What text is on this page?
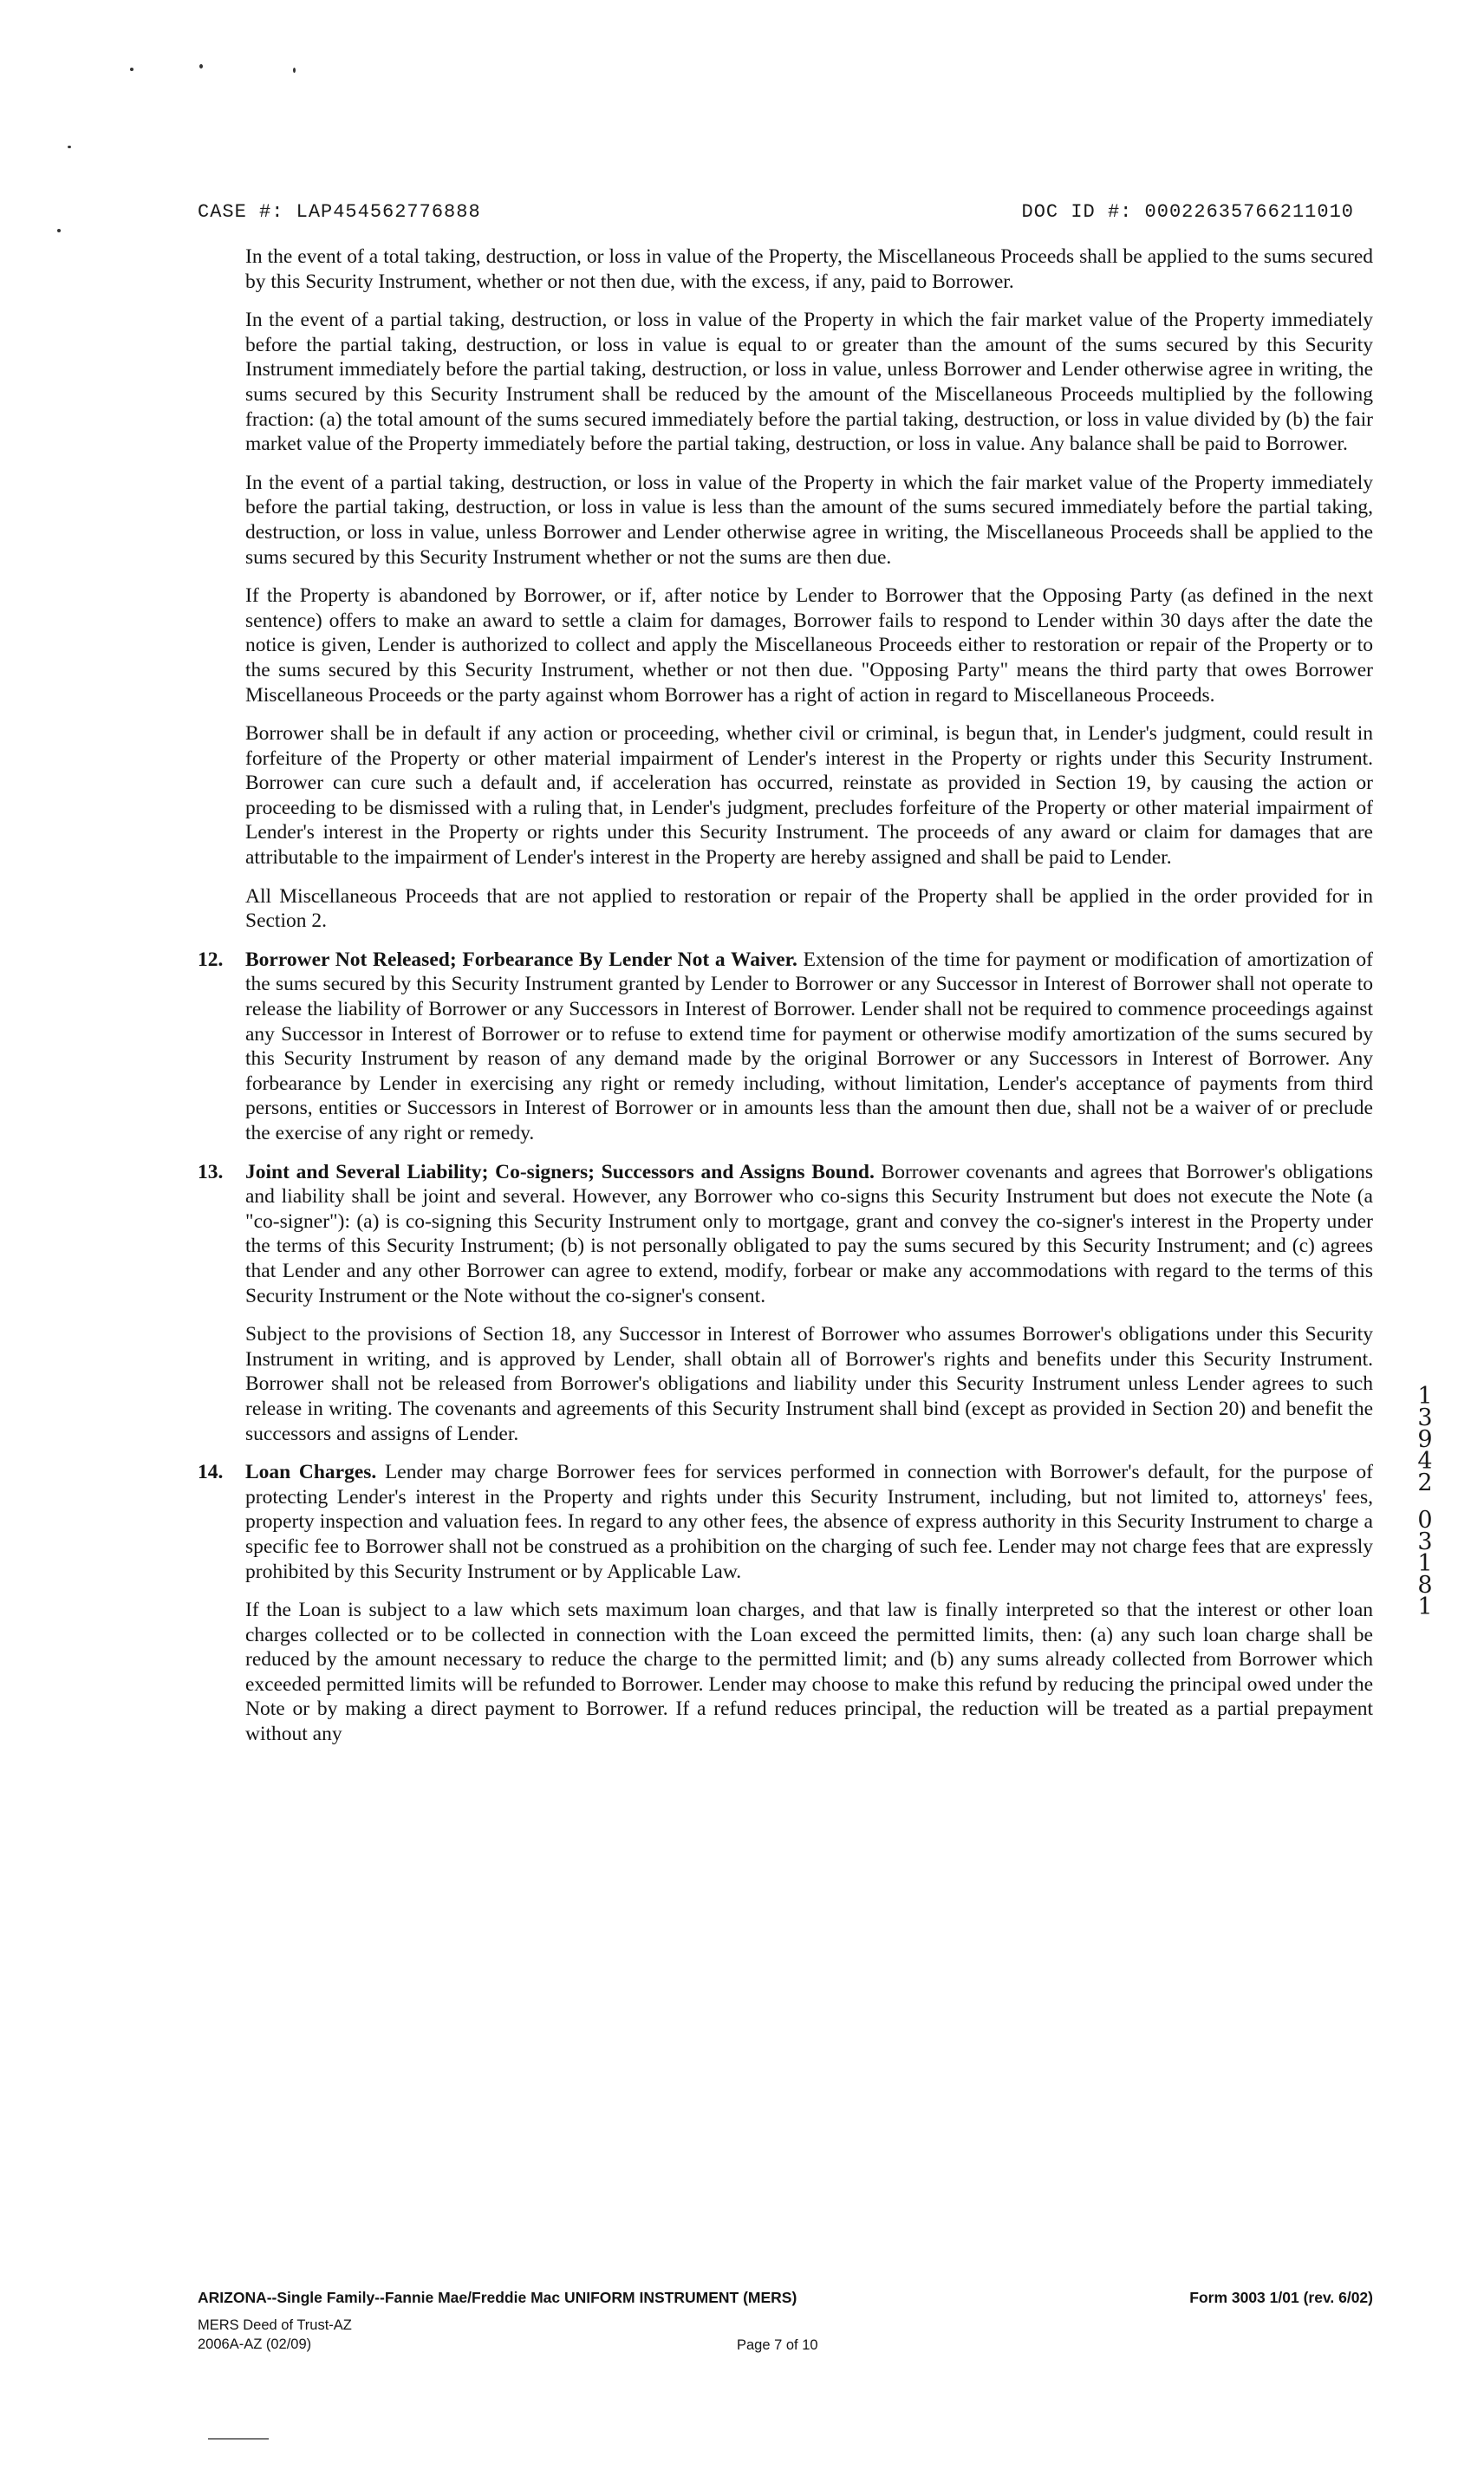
CASE #: LAP454562776888	DOC ID #: 00022635766211010

In the event of a total taking, destruction, or loss in value of the Property, the Miscellaneous Proceeds shall be applied to the sums secured by this Security Instrument, whether or not then due, with the excess, if any, paid to Borrower.

In the event of a partial taking, destruction, or loss in value of the Property in which the fair market value of the Property immediately before the partial taking, destruction, or loss in value is equal to or greater than the amount of the sums secured by this Security Instrument immediately before the partial taking, destruction, or loss in value, unless Borrower and Lender otherwise agree in writing, the sums secured by this Security Instrument shall be reduced by the amount of the Miscellaneous Proceeds multiplied by the following fraction: (a) the total amount of the sums secured immediately before the partial taking, destruction, or loss in value divided by (b) the fair market value of the Property immediately before the partial taking, destruction, or loss in value. Any balance shall be paid to Borrower.

In the event of a partial taking, destruction, or loss in value of the Property in which the fair market value of the Property immediately before the partial taking, destruction, or loss in value is less than the amount of the sums secured immediately before the partial taking, destruction, or loss in value, unless Borrower and Lender otherwise agree in writing, the Miscellaneous Proceeds shall be applied to the sums secured by this Security Instrument whether or not the sums are then due.

If the Property is abandoned by Borrower, or if, after notice by Lender to Borrower that the Opposing Party (as defined in the next sentence) offers to make an award to settle a claim for damages, Borrower fails to respond to Lender within 30 days after the date the notice is given, Lender is authorized to collect and apply the Miscellaneous Proceeds either to restoration or repair of the Property or to the sums secured by this Security Instrument, whether or not then due. "Opposing Party" means the third party that owes Borrower Miscellaneous Proceeds or the party against whom Borrower has a right of action in regard to Miscellaneous Proceeds.

Borrower shall be in default if any action or proceeding, whether civil or criminal, is begun that, in Lender's judgment, could result in forfeiture of the Property or other material impairment of Lender's interest in the Property or rights under this Security Instrument. Borrower can cure such a default and, if acceleration has occurred, reinstate as provided in Section 19, by causing the action or proceeding to be dismissed with a ruling that, in Lender's judgment, precludes forfeiture of the Property or other material impairment of Lender's interest in the Property or rights under this Security Instrument. The proceeds of any award or claim for damages that are attributable to the impairment of Lender's interest in the Property are hereby assigned and shall be paid to Lender.

All Miscellaneous Proceeds that are not applied to restoration or repair of the Property shall be applied in the order provided for in Section 2.

12.	Borrower Not Released; Forbearance By Lender Not a Waiver. Extension of the time for payment or modification of amortization of the sums secured by this Security Instrument granted by Lender to Borrower or any Successor in Interest of Borrower shall not operate to release the liability of Borrower or any Successors in Interest of Borrower. Lender shall not be required to commence proceedings against any Successor in Interest of Borrower or to refuse to extend time for payment or otherwise modify amortization of the sums secured by this Security Instrument by reason of any demand made by the original Borrower or any Successors in Interest of Borrower. Any forbearance by Lender in exercising any right or remedy including, without limitation, Lender's acceptance of payments from third persons, entities or Successors in Interest of Borrower or in amounts less than the amount then due, shall not be a waiver of or preclude the exercise of any right or remedy.
13.	Joint and Several Liability; Co-signers; Successors and Assigns Bound. Borrower covenants and agrees that Borrower's obligations and liability shall be joint and several. However, any Borrower who co-signs this Security Instrument but does not execute the Note (a "co-signer"): (a) is co-signing this Security Instrument only to mortgage, grant and convey the co-signer's interest in the Property under the terms of this Security Instrument; (b) is not personally obligated to pay the sums secured by this Security Instrument; and (c) agrees that Lender and any other Borrower can agree to extend, modify, forbear or make any accommodations with regard to the terms of this Security Instrument or the Note without the co-signer's consent.

Subject to the provisions of Section 18, any Successor in Interest of Borrower who assumes Borrower's obligations under this Security Instrument in writing, and is approved by Lender, shall obtain all of Borrower's rights and benefits under this Security Instrument. Borrower shall not be released from Borrower's obligations and liability under this Security Instrument unless Lender agrees to such release in writing. The covenants and agreements of this Security Instrument shall bind (except as provided in Section 20) and benefit the successors and assigns of Lender.

14.	Loan Charges. Lender may charge Borrower fees for services performed in connection with Borrower's default, for the purpose of protecting Lender's interest in the Property and rights under this Security Instrument, including, but not limited to, attorneys' fees, property inspection and valuation fees. In regard to any other fees, the absence of express authority in this Security Instrument to charge a specific fee to Borrower shall not be construed as a prohibition on the charging of such fee. Lender may not charge fees that are expressly prohibited by this Security Instrument or by Applicable Law.

If the Loan is subject to a law which sets maximum loan charges, and that law is finally interpreted so that the interest or other loan charges collected or to be collected in connection with the Loan exceed the permitted limits, then: (a) any such loan charge shall be reduced by the amount necessary to reduce the charge to the permitted limit; and (b) any sums already collected from Borrower which exceeded permitted limits will be refunded to Borrower. Lender may choose to make this refund by reducing the principal owed under the Note or by making a direct payment to Borrower. If a refund reduces principal, the reduction will be treated as a partial prepayment without any

1
3
9
4
2
0
3
1
8
1
ARIZONA--Single Family--Fannie Mae/Freddie Mac UNIFORM INSTRUMENT (MERS)	Form 3003 1/01 (rev. 6/02)
MERS Deed of Trust-AZ
2006A-AZ (02/09)	Page 7 of 10
